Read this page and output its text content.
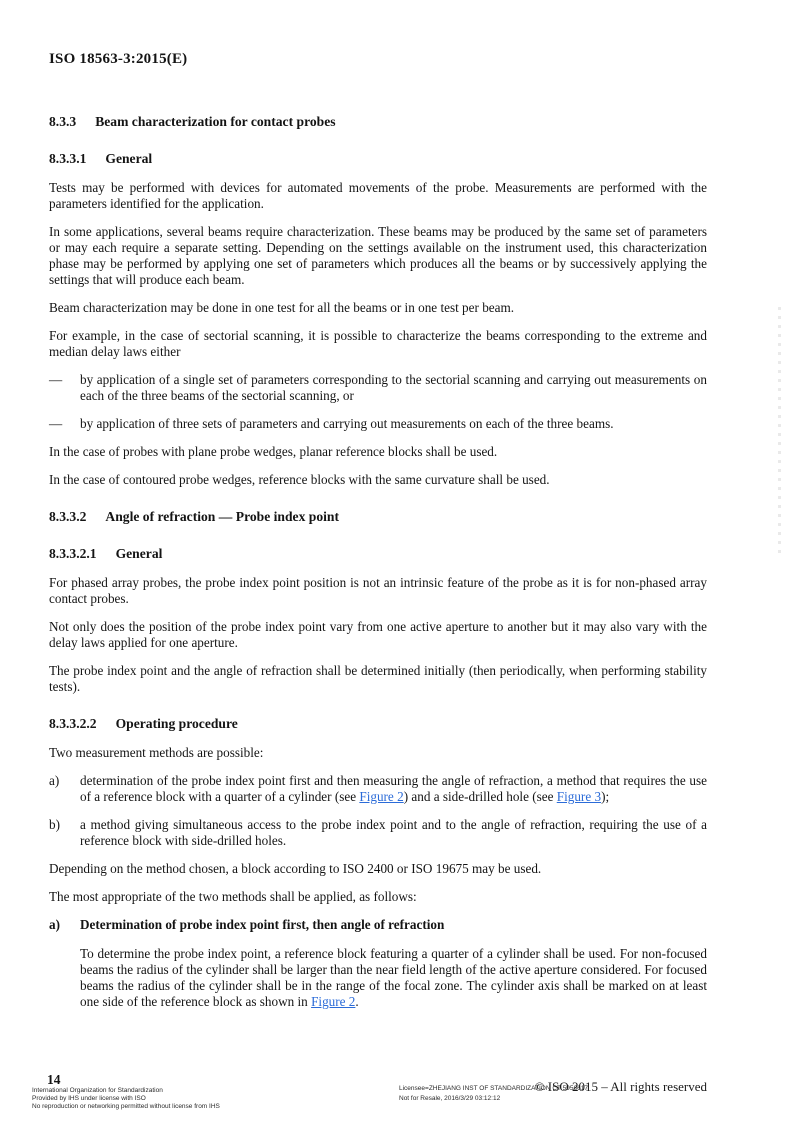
ISO 18563-3:2015(E)
8.3.3 Beam characterization for contact probes
8.3.3.1 General

Tests may be performed with devices for automated movements of the probe. Measurements are performed with the parameters identified for the application.

In some applications, several beams require characterization. These beams may be produced by the same set of parameters or may each require a separate setting. Depending on the settings available on the instrument used, this characterization phase may be performed by applying one set of parameters which produces all the beams or by successively applying the settings that will produce each beam.

Beam characterization may be done in one test for all the beams or in one test per beam.

For example, in the case of sectorial scanning, it is possible to characterize the beams corresponding to the extreme and median delay laws either

—	by application of a single set of parameters corresponding to the sectorial scanning and carrying out measurements on each of the three beams of the sectorial scanning, or
—	by application of three sets of parameters and carrying out measurements on each of the three beams.

In the case of probes with plane probe wedges, planar reference blocks shall be used.

In the case of contoured probe wedges, reference blocks with the same curvature shall be used.

8.3.3.2 Angle of refraction — Probe index point
8.3.3.2.1 General

For phased array probes, the probe index point position is not an intrinsic feature of the probe as it is for non-phased array contact probes.

Not only does the position of the probe index point vary from one active aperture to another but it may also vary with the delay laws applied for one aperture.

The probe index point and the angle of refraction shall be determined initially (then periodically, when performing stability tests).

8.3.3.2.2 Operating procedure

Two measurement methods are possible:

a)	determination of the probe index point first and then measuring the angle of refraction, a method that requires the use of a reference block with a quarter of a cylinder (see Figure 2) and a side-drilled hole (see Figure 3);
b)	a method giving simultaneous access to the probe index point and to the angle of refraction, requiring the use of a reference block with side-drilled holes.

Depending on the method chosen, a block according to ISO 2400 or ISO 19675 may be used.

The most appropriate of the two methods shall be applied, as follows:

a)	Determination of probe index point first, then angle of refraction

To determine the probe index point, a reference block featuring a quarter of a cylinder shall be used. For non-focused beams the radius of the cylinder shall be larger than the near field length of the active aperture considered. For focused beams the radius of the cylinder shall be in the range of the focal zone. The cylinder axis shall be marked on at least one side of the reference block as shown in Figure 2.

14
International Organization for Standardization
Provided by IHS under license with ISO
No reproduction or networking permitted without license from IHS
Licensee=ZHEJIANG INST OF STANDARDIZATION CT 5956617
Not for Resale, 2016/3/29 03:12:12
© ISO 2015 – All rights reserved
